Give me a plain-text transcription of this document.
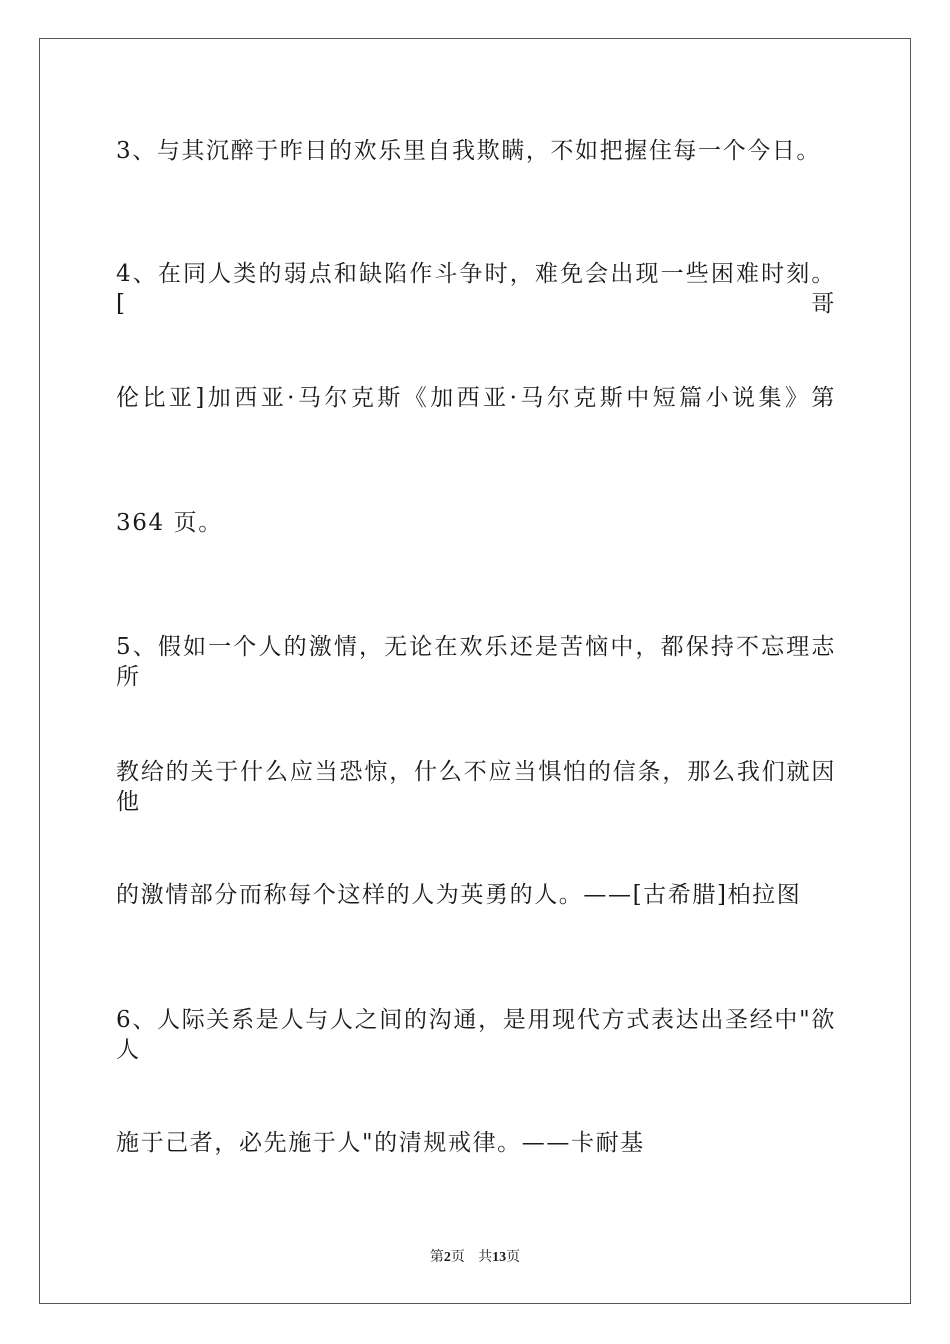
3、与其沉醉于昨日的欢乐里自我欺瞒，不如把握住每一个今日。
4、在同人类的弱点和缺陷作斗争时，难免会出现一些困难时刻。[哥
伦比亚]加西亚·马尔克斯《加西亚·马尔克斯中短篇小说集》第
364 页。
5、假如一个人的激情，无论在欢乐还是苦恼中，都保持不忘理志所
教给的关于什么应当恐惊，什么不应当惧怕的信条，那么我们就因他
的激情部分而称每个这样的人为英勇的人。——[古希腊]柏拉图
6、人际关系是人与人之间的沟通，是用现代方式表达出圣经中"欲人
施于己者，必先施于人"的清规戒律。——卡耐基
第2页 共13页
